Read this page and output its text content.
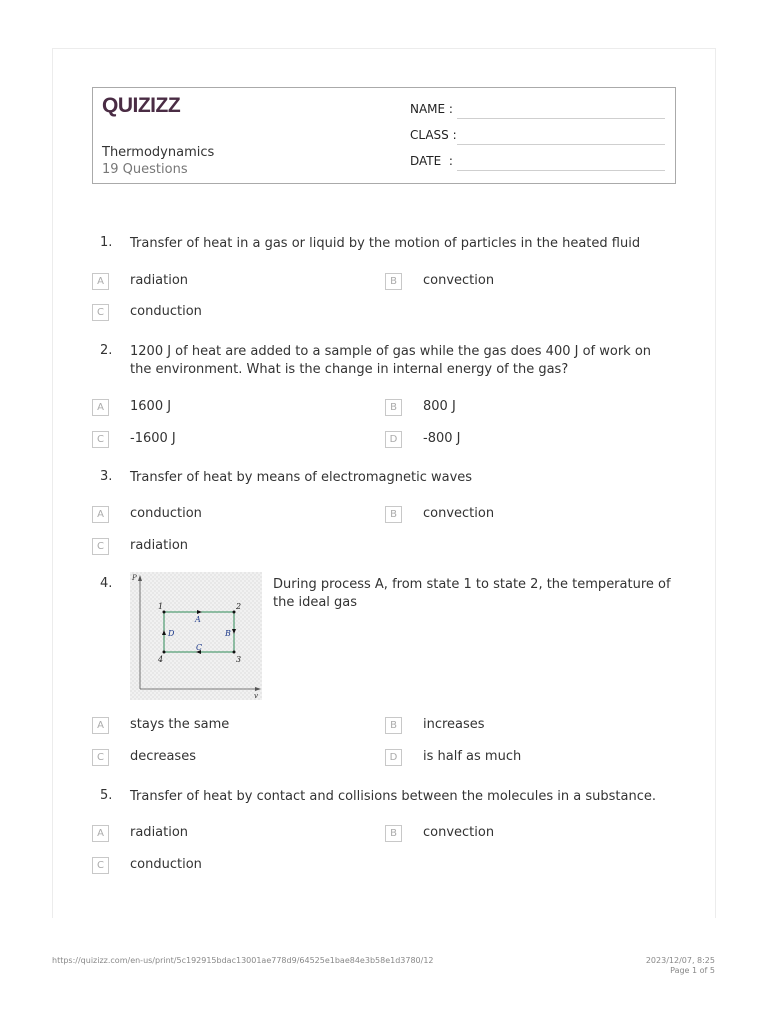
QUIZIZZ
Thermodynamics
19 Questions
NAME :
CLASS :
DATE  :
1. Transfer of heat in a gas or liquid by the motion of particles in the heated fluid
A	radiation	B	convection
C	conduction
2. 1200 J of heat are added to a sample of gas while the gas does 400 J of work on the environment. What is the change in internal energy of the gas?
A	1600 J	B	800 J
C	-1600 J	D	-800 J
3. Transfer of heat by means of electromagnetic waves
A	conduction	B	convection
C	radiation
4.	P
v
1	2
3
4
A
B
C
D
During process A, from state 1 to state 2, the temperature of the ideal gas
A	stays the same	B	increases
C	decreases	D	is half as much
5. Transfer of heat by contact and collisions between the molecules in a substance.
A	radiation	B	convection
C	conduction
https://quizizz.com/en-us/print/5c192915bdac13001ae778d9/64525e1bae84e3b58e1d3780/12	2023/12/07, 8:25
Page 1 of 5
